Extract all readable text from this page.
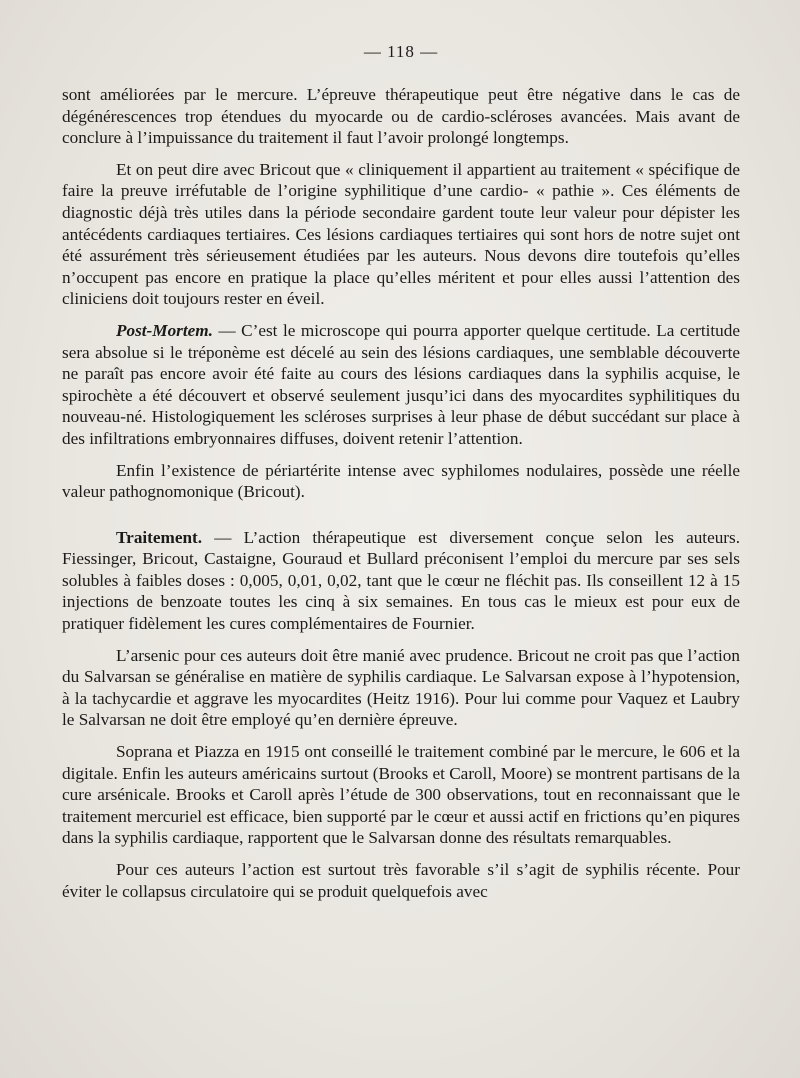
— 118 —

sont améliorées par le mercure. L’épreuve thérapeutique peut être négative dans le cas de dégénérescences trop étendues du myocarde ou de cardio-scléroses avancées. Mais avant de conclure à l’impuissance du traitement il faut l’avoir prolongé longtemps.

Et on peut dire avec Bricout que « cliniquement il appartient au traitement « spécifique de faire la preuve irréfutable de l’origine syphilitique d’une cardio- « pathie ». Ces éléments de diagnostic déjà très utiles dans la période secondaire gardent toute leur valeur pour dépister les antécédents cardiaques tertiaires. Ces lésions cardiaques tertiaires qui sont hors de notre sujet ont été assurément très sérieusement étudiées par les auteurs. Nous devons dire toutefois qu’elles n’occupent pas encore en pratique la place qu’elles méritent et pour elles aussi l’attention des cliniciens doit toujours rester en éveil.

Post-Mortem. — C’est le microscope qui pourra apporter quelque certitude. La certitude sera absolue si le tréponème est décelé au sein des lésions cardiaques, une semblable découverte ne paraît pas encore avoir été faite au cours des lésions cardiaques dans la syphilis acquise, le spirochète a été découvert et observé seulement jusqu’ici dans des myocardites syphilitiques du nouveau-né. Histologiquement les scléroses surprises à leur phase de début succédant sur place à des infiltrations embryonnaires diffuses, doivent retenir l’attention.

Enfin l’existence de périartérite intense avec syphilomes nodulaires, possède une réelle valeur pathognomonique (Bricout).

Traitement. — L’action thérapeutique est diversement conçue selon les auteurs. Fiessinger, Bricout, Castaigne, Gouraud et Bullard préconisent l’emploi du mercure par ses sels solubles à faibles doses : 0,005, 0,01, 0,02, tant que le cœur ne fléchit pas. Ils conseillent 12 à 15 injections de benzoate toutes les cinq à six semaines. En tous cas le mieux est pour eux de pratiquer fidèlement les cures complémentaires de Fournier.

L’arsenic pour ces auteurs doit être manié avec prudence. Bricout ne croit pas que l’action du Salvarsan se généralise en matière de syphilis cardiaque. Le Salvarsan expose à l’hypotension, à la tachycardie et aggrave les myocardites (Heitz 1916). Pour lui comme pour Vaquez et Laubry le Salvarsan ne doit être employé qu’en dernière épreuve.

Soprana et Piazza en 1915 ont conseillé le traitement combiné par le mercure, le 606 et la digitale. Enfin les auteurs américains surtout (Brooks et Caroll, Moore) se montrent partisans de la cure arsénicale. Brooks et Caroll après l’étude de 300 observations, tout en reconnaissant que le traitement mercuriel est efficace, bien supporté par le cœur et aussi actif en frictions qu’en piqures dans la syphilis cardiaque, rapportent que le Salvarsan donne des résultats remarquables.

Pour ces auteurs l’action est surtout très favorable s’il s’agit de syphilis récente. Pour éviter le collapsus circulatoire qui se produit quelquefois avec
